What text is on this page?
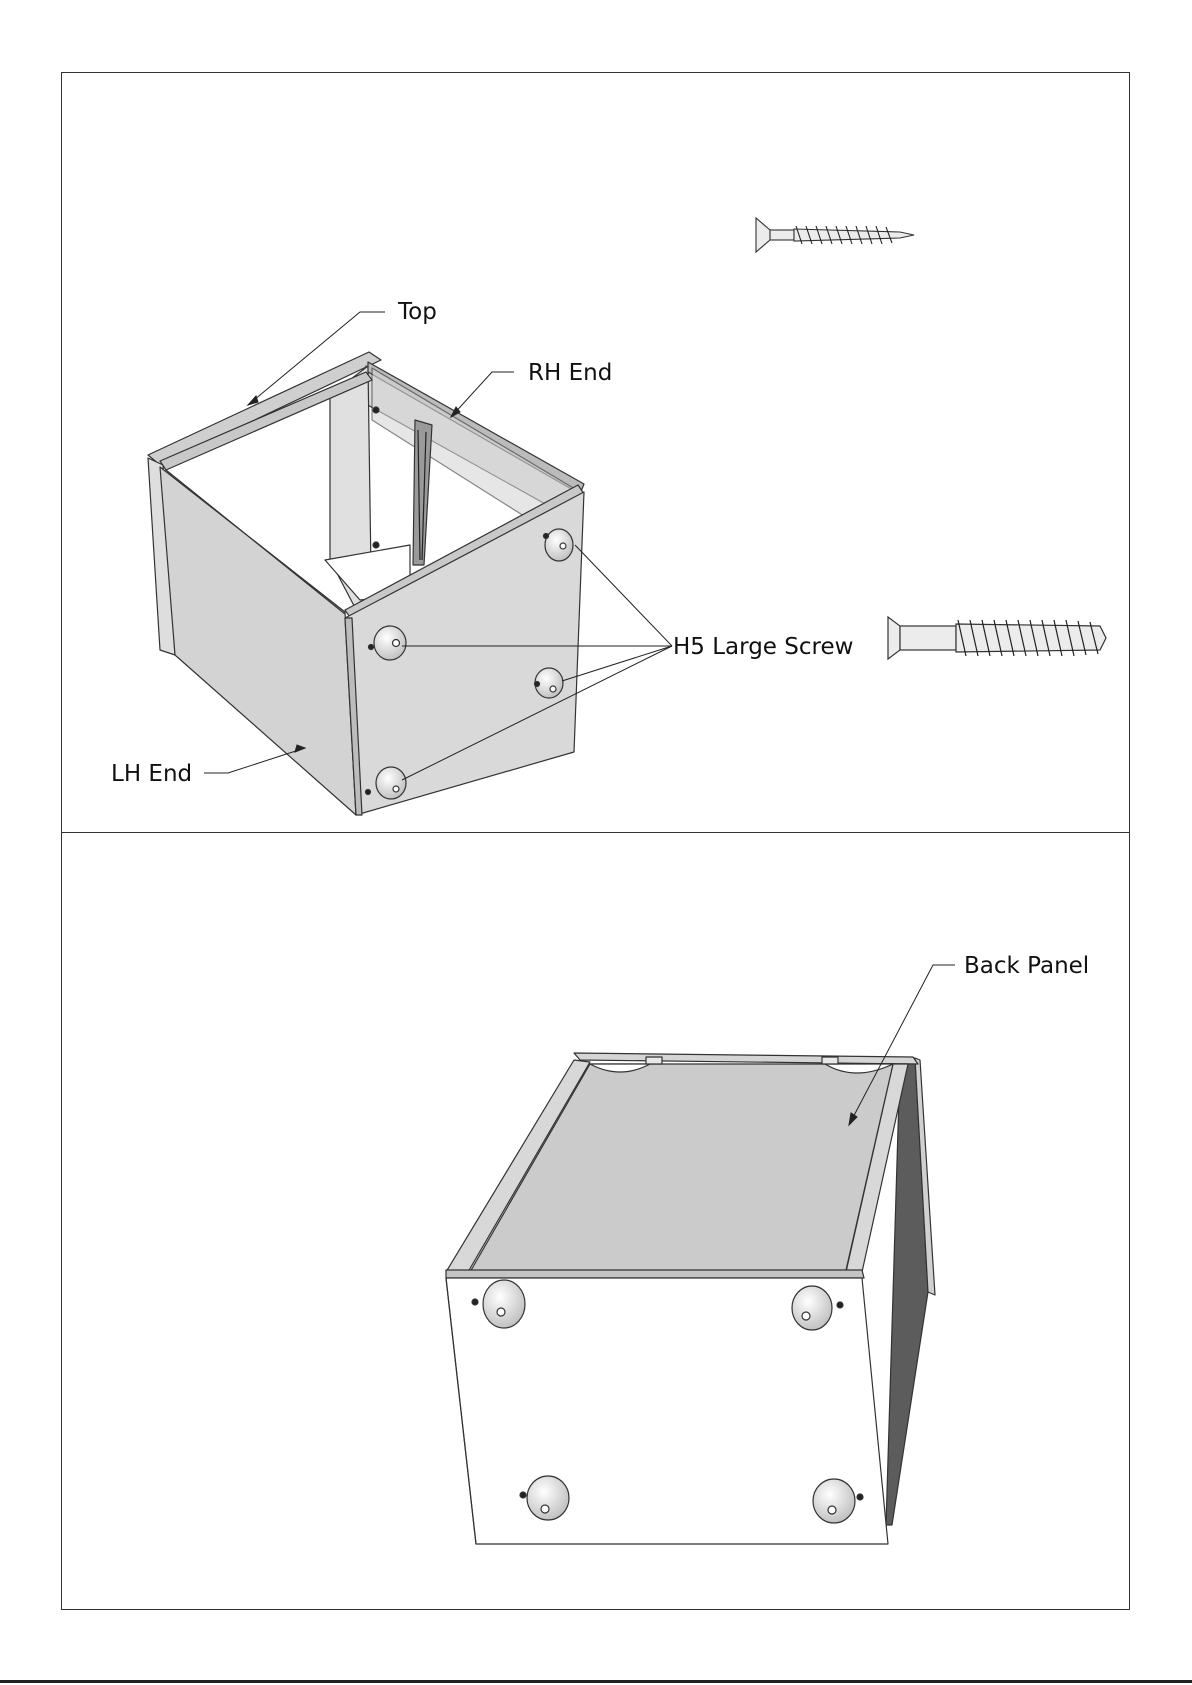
Top
RH End
LH End
H5 Large Screw
Back Panel
